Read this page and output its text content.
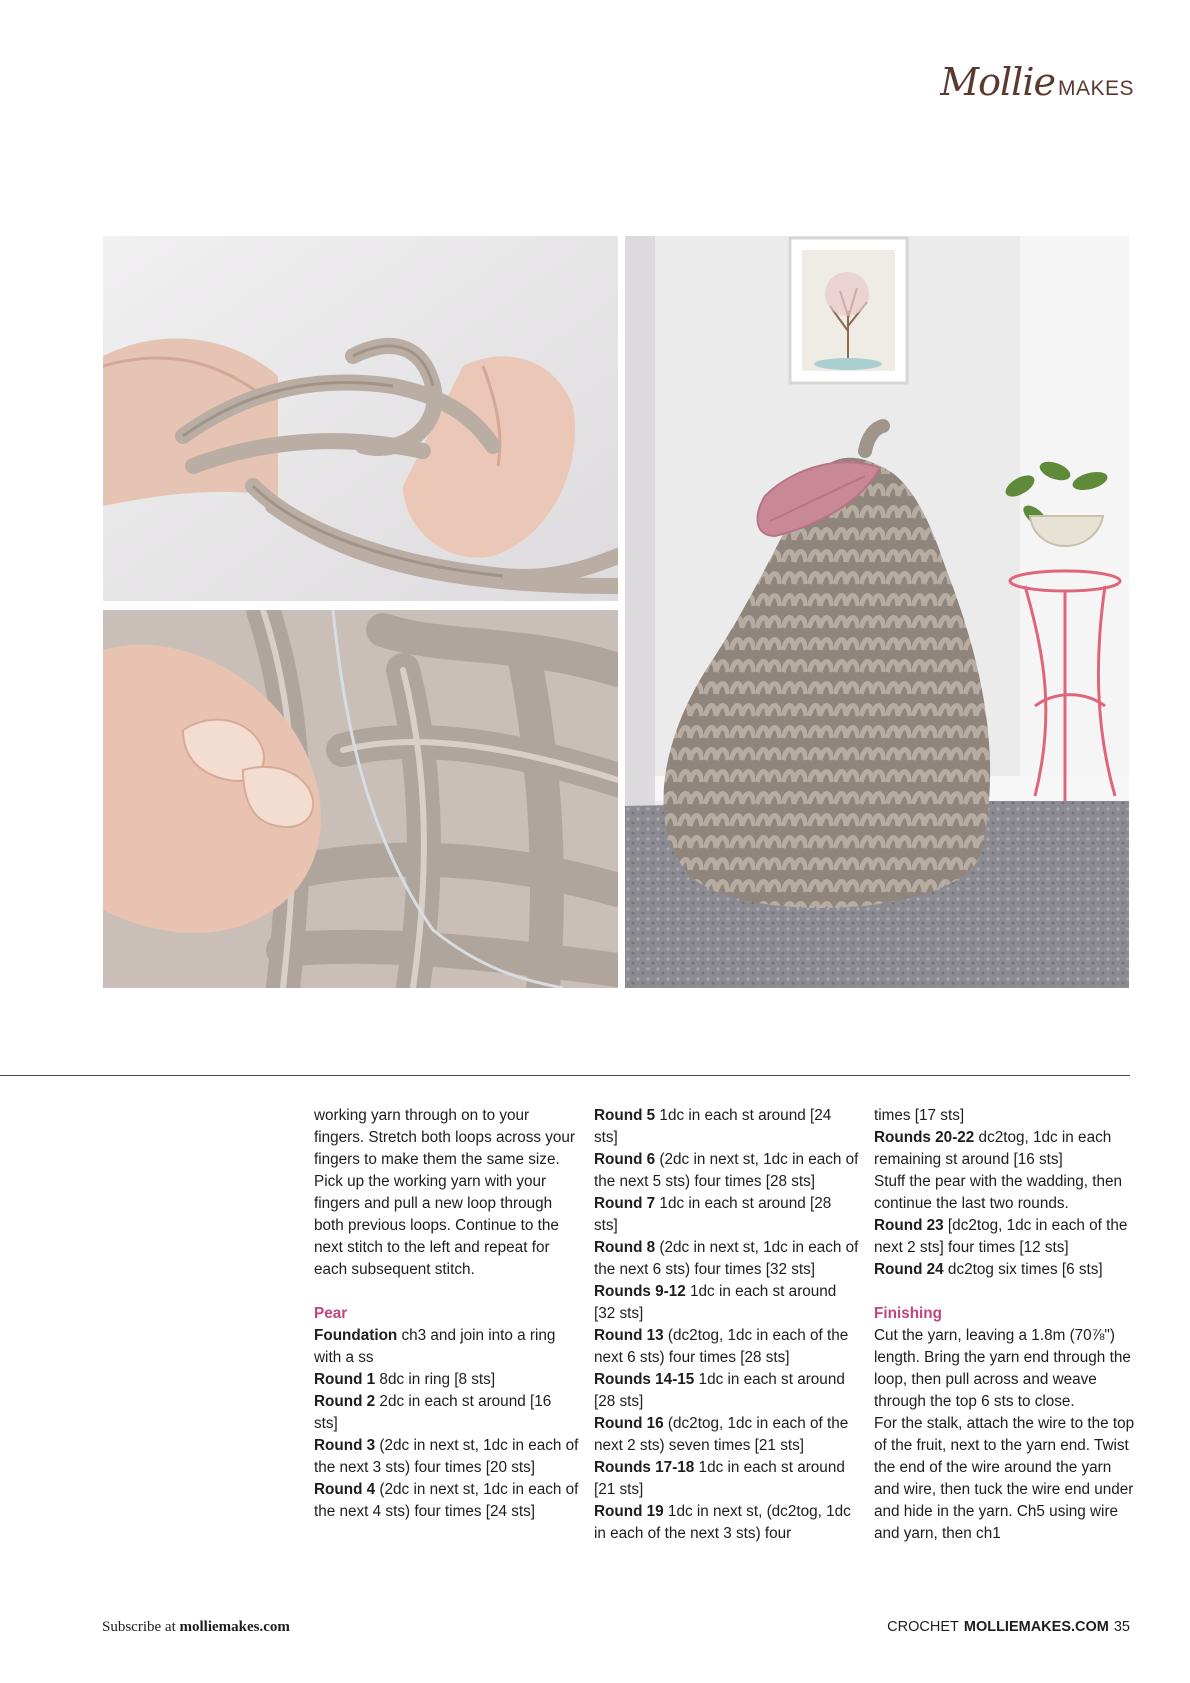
Mollie MAKES

working yarn through on to your fingers. Stretch both loops across your fingers to make them the same size.

Pick up the working yarn with your fingers and pull a new loop through both previous loops. Continue to the next stitch to the left and repeat for each subsequent stitch.

Pear

Foundation ch3 and join into a ring with a ss

Round 1 8dc in ring [8 sts]

Round 2 2dc in each st around [16 sts]

Round 3 (2dc in next st, 1dc in each of the next 3 sts) four times [20 sts]

Round 4 (2dc in next st, 1dc in each of the next 4 sts) four times [24 sts]

Round 5 1dc in each st around [24 sts]

Round 6 (2dc in next st, 1dc in each of the next 5 sts) four times [28 sts]

Round 7 1dc in each st around [28 sts]

Round 8 (2dc in next st, 1dc in each of the next 6 sts) four times [32 sts]

Rounds 9-12 1dc in each st around [32 sts]

Round 13 (dc2tog, 1dc in each of the next 6 sts) four times [28 sts]

Rounds 14-15 1dc in each st around [28 sts]

Round 16 (dc2tog, 1dc in each of the next 2 sts) seven times [21 sts]

Rounds 17-18 1dc in each st around [21 sts]

Round 19 1dc in next st, (dc2tog, 1dc in each of the next 3 sts) four

times [17 sts]

Rounds 20-22 dc2tog, 1dc in each remaining st around [16 sts]

Stuff the pear with the wadding, then continue the last two rounds.

Round 23 [dc2tog, 1dc in each of the next 2 sts] four times [12 sts]

Round 24 dc2tog six times [6 sts]

Finishing

Cut the yarn, leaving a 1.8m (70⅞") length. Bring the yarn end through the loop, then pull across and weave through the top 6 sts to close.

For the stalk, attach the wire to the top of the fruit, next to the yarn end. Twist the end of the wire around the yarn and wire, then tuck the wire end under and hide in the yarn. Ch5 using wire and yarn, then ch1

Subscribe at molliemakes.com	CROCHET MOLLIEMAKES.COM 35
